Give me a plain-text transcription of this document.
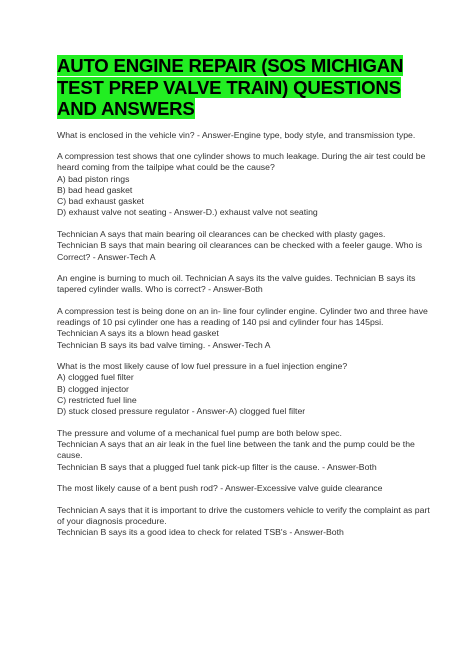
AUTO ENGINE REPAIR (SOS MICHIGAN TEST PREP VALVE TRAIN) QUESTIONS AND ANSWERS
What is enclosed in the vehicle vin? - Answer-Engine type, body style, and transmission type.
A compression test shows that one cylinder shows to much leakage. During the air test could be heard coming from the tailpipe what could be the cause?
A) bad piston rings
B) bad head gasket
C) bad exhaust gasket
D) exhaust valve not seating - Answer-D.) exhaust valve not seating
Technician A says that main bearing oil clearances can be checked with plasty gages.
Technician B says that main bearing oil clearances can be checked with a feeler gauge. Who is Correct? - Answer-Tech A
An engine is burning to much oil. Technician A says its the valve guides. Technician B says its tapered cylinder walls. Who is correct? - Answer-Both
A compression test is being done on an in- line four cylinder engine. Cylinder two and three have readings of 10 psi cylinder one has a reading of 140 psi and cylinder four has 145psi.
Technician A says its a blown head gasket
Technician B says its bad valve timing. - Answer-Tech A
What is the most likely cause of low fuel pressure in a fuel injection engine?
A) clogged fuel filter
B) clogged injector
C) restricted fuel line
D) stuck closed pressure regulator - Answer-A) clogged fuel filter
The pressure and volume of a mechanical fuel pump are both below spec.
Technician A says that an air leak in the fuel line between the tank and the pump could be the cause.
Technician B says that a plugged fuel tank pick-up filter is the cause. - Answer-Both
The most likely cause of a bent push rod? - Answer-Excessive valve guide clearance
Technician A says that it is important to drive the customers vehicle to verify the complaint as part of your diagnosis procedure.
Technician B says its a good idea to check for related TSB's - Answer-Both
